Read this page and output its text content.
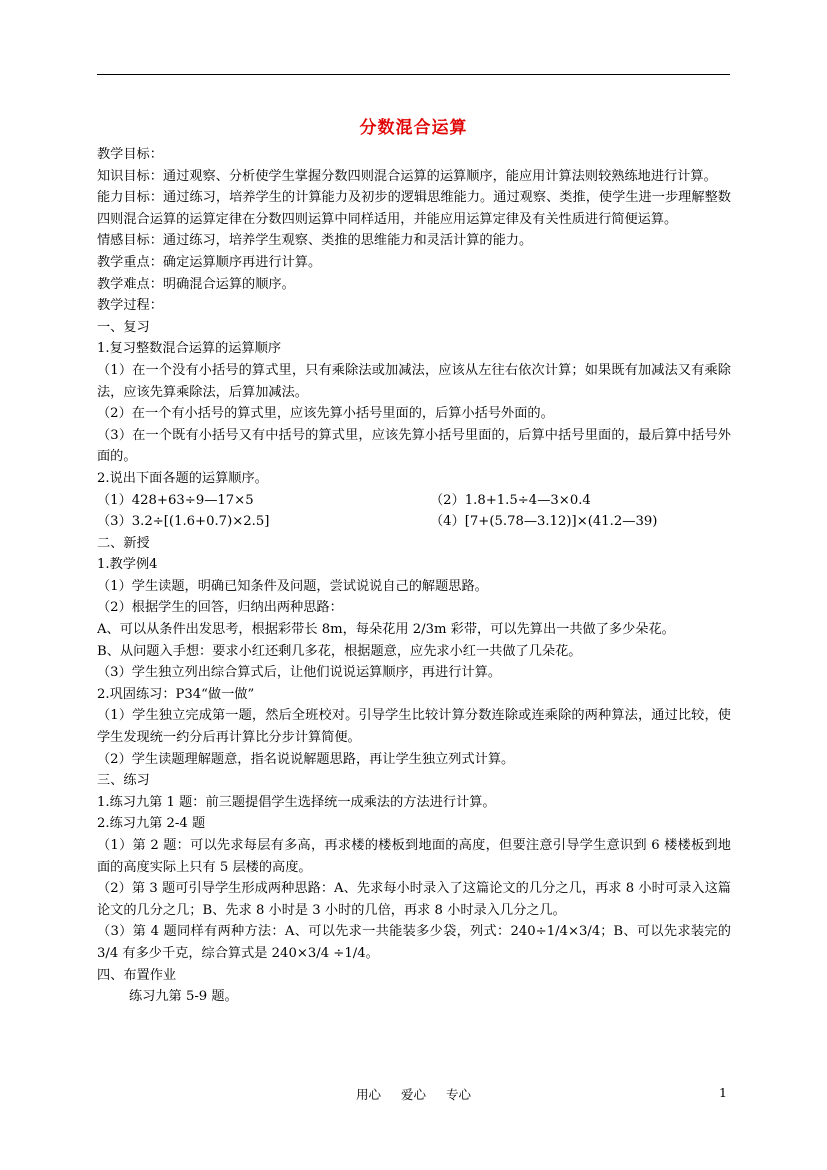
分数混合运算
教学目标：
知识目标：通过观察、分析使学生掌握分数四则混合运算的运算顺序，能应用计算法则较熟练地进行计算。
能力目标：通过练习，培养学生的计算能力及初步的逻辑思维能力。通过观察、类推，使学生进一步理解整数四则混合运算的运算定律在分数四则运算中同样适用，并能应用运算定律及有关性质进行简便运算。
情感目标：通过练习，培养学生观察、类推的思维能力和灵活计算的能力。
教学重点：确定运算顺序再进行计算。
教学难点：明确混合运算的顺序。
教学过程：
一、复习
1.复习整数混合运算的运算顺序
（1）在一个没有小括号的算式里，只有乘除法或加减法，应该从左往右依次计算；如果既有加减法又有乘除法，应该先算乘除法，后算加减法。
（2）在一个有小括号的算式里，应该先算小括号里面的，后算小括号外面的。
（3）在一个既有小括号又有中括号的算式里，应该先算小括号里面的，后算中括号里面的，最后算中括号外面的。
2.说出下面各题的运算顺序。
（1）428+63÷9—17×5	（2）1.8+1.5÷4—3×0.4
（3）3.2÷[(1.6+0.7)×2.5]	（4）[7+(5.78—3.12)]×(41.2—39)
二、新授
1.教学例4
（1）学生读题，明确已知条件及问题，尝试说说自己的解题思路。
（2）根据学生的回答，归纳出两种思路：
A、可以从条件出发思考，根据彩带长 8m，每朵花用 2/3m 彩带，可以先算出一共做了多少朵花。
B、从问题入手想：要求小红还剩几多花，根据题意，应先求小红一共做了几朵花。
（3）学生独立列出综合算式后，让他们说说运算顺序，再进行计算。
2.巩固练习：P34“做一做”
（1）学生独立完成第一题，然后全班校对。引导学生比较计算分数连除或连乘除的两种算法，通过比较，使学生发现统一约分后再计算比分步计算简便。
（2）学生读题理解题意，指名说说解题思路，再让学生独立列式计算。
三、练习
1.练习九第 1 题：前三题提倡学生选择统一成乘法的方法进行计算。
2.练习九第 2-4 题
（1）第 2 题：可以先求每层有多高，再求楼的楼板到地面的高度，但要注意引导学生意识到 6 楼楼板到地面的高度实际上只有 5 层楼的高度。
（2）第 3 题可引导学生形成两种思路：A、先求每小时录入了这篇论文的几分之几，再求 8 小时可录入这篇论文的几分之几；B、先求 8 小时是 3 小时的几倍，再求 8 小时录入几分之几。
（3）第 4 题同样有两种方法：A、可以先求一共能装多少袋，列式：240÷1/4×3/4；B、可以先求装完的 3/4 有多少千克，综合算式是 240×3/4 ÷1/4。
四、布置作业
练习九第 5-9 题。
用心 爱心 专心	1
